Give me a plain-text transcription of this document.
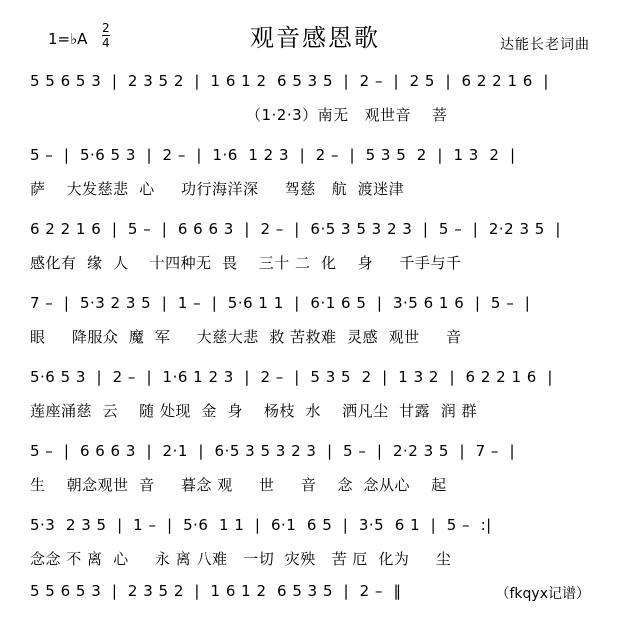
观音感恩歌
1=♭A
2
4	达能长老词曲
5 5 6 5 3  |  2 3 5 2  |  1 6 1 2  6 5 3 5  |  2 –  |  2 5  |  6 2 2 1 6  |
（1·2·3）南无   观世音    菩
5 –  |  5·6 5 3  |  2 –  |  1·6  1 2 3  |  2 –  |  5 3 5  2  |  1 3  2  |
萨    大发慈悲  心     功行海洋深     驾慈   航  渡迷津
6 2 2 1 6  |  5 –  |  6 6 6 3  |  2 –  |  6·5 3 5 3 2 3  |  5 –  |  2·2 3 5  |
感化有  缘  人    十四种无  畏    三十 二  化    身     千手与千
7 –  |  5·3 2 3 5  |  1 –  |  5·6 1 1  |  6·1 6 5  |  3·5 6 1 6  |  5 –  |
眼     降服众  魔  军     大慈大悲  救 苦救难  灵感  观世     音
5·6 5 3  |  2 –  |  1·6 1 2 3  |  2 –  |  5 3 5  2  |  1 3 2  |  6 2 2 1 6  |
莲座涌慈  云    随 处现  金  身    杨枝  水    洒凡尘  甘露  润 群
5 –  |  6 6 6 3  |  2·1  |  6·5 3 5 3 2 3  |  5 –  |  2·2 3 5  |  7 –  |
生    朝念观世  音     暮念 观     世     音    念  念从心    起
5·3  2 3 5  |  1 –  |  5·6  1 1  |  6·1  6 5  |  3·5  6 1  |  5 –  :|
念念 不 离  心     永 离 八难   一切  灾殃   苦 厄  化为     尘
5 5 6 5 3  |  2 3 5 2  |  1 6 1 2  6 5 3 5  |  2 –  ‖	（fkqyx记谱）
